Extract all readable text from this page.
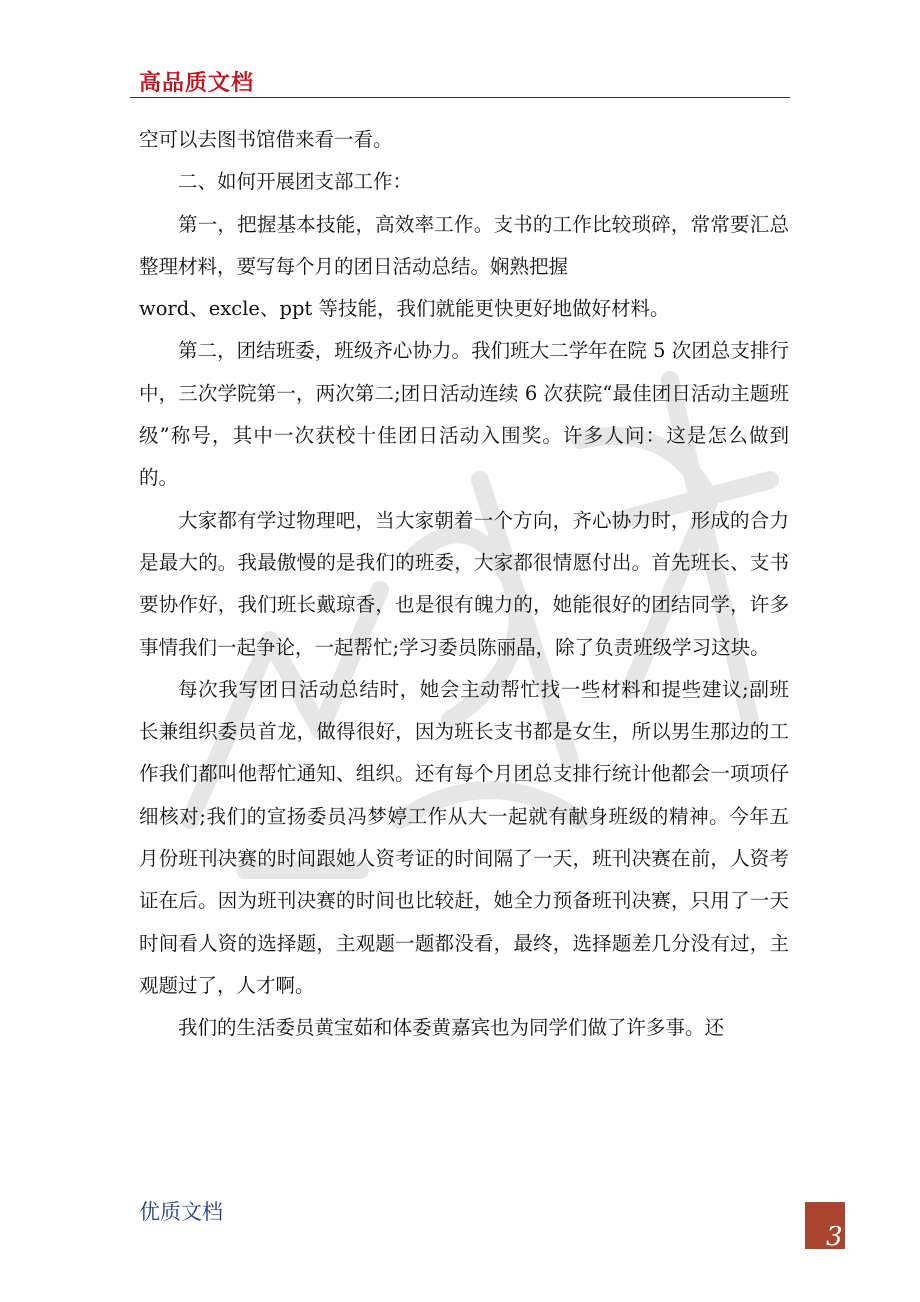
高品质文档

空可以去图书馆借来看一看。

二、如何开展团支部工作：

第一，把握基本技能，高效率工作。支书的工作比较琐碎，常常要汇总整理材料，要写每个月的团日活动总结。娴熟把握

word、excle、ppt 等技能，我们就能更快更好地做好材料。

第二，团结班委，班级齐心协力。我们班大二学年在院 5 次团总支排行中，三次学院第一，两次第二;团日活动连续 6 次获院“最佳团日活动主题班级”称号，其中一次获校十佳团日活动入围奖。许多人问：这是怎么做到的。

大家都有学过物理吧，当大家朝着一个方向，齐心协力时，形成的合力是最大的。我最傲慢的是我们的班委，大家都很情愿付出。首先班长、支书要协作好，我们班长戴琼香，也是很有魄力的，她能很好的团结同学，许多事情我们一起争论，一起帮忙;学习委员陈丽晶，除了负责班级学习这块。

每次我写团日活动总结时，她会主动帮忙找一些材料和提些建议;副班长兼组织委员首龙，做得很好，因为班长支书都是女生，所以男生那边的工作我们都叫他帮忙通知、组织。还有每个月团总支排行统计他都会一项项仔细核对;我们的宣扬委员冯梦婷工作从大一起就有献身班级的精神。今年五月份班刊决赛的时间跟她人资考证的时间隔了一天，班刊决赛在前，人资考证在后。因为班刊决赛的时间也比较赶，她全力预备班刊决赛，只用了一天时间看人资的选择题，主观题一题都没看，最终，选择题差几分没有过，主观题过了，人才啊。

我们的生活委员黄宝茹和体委黄嘉宾也为同学们做了许多事。还

优质文档
3
